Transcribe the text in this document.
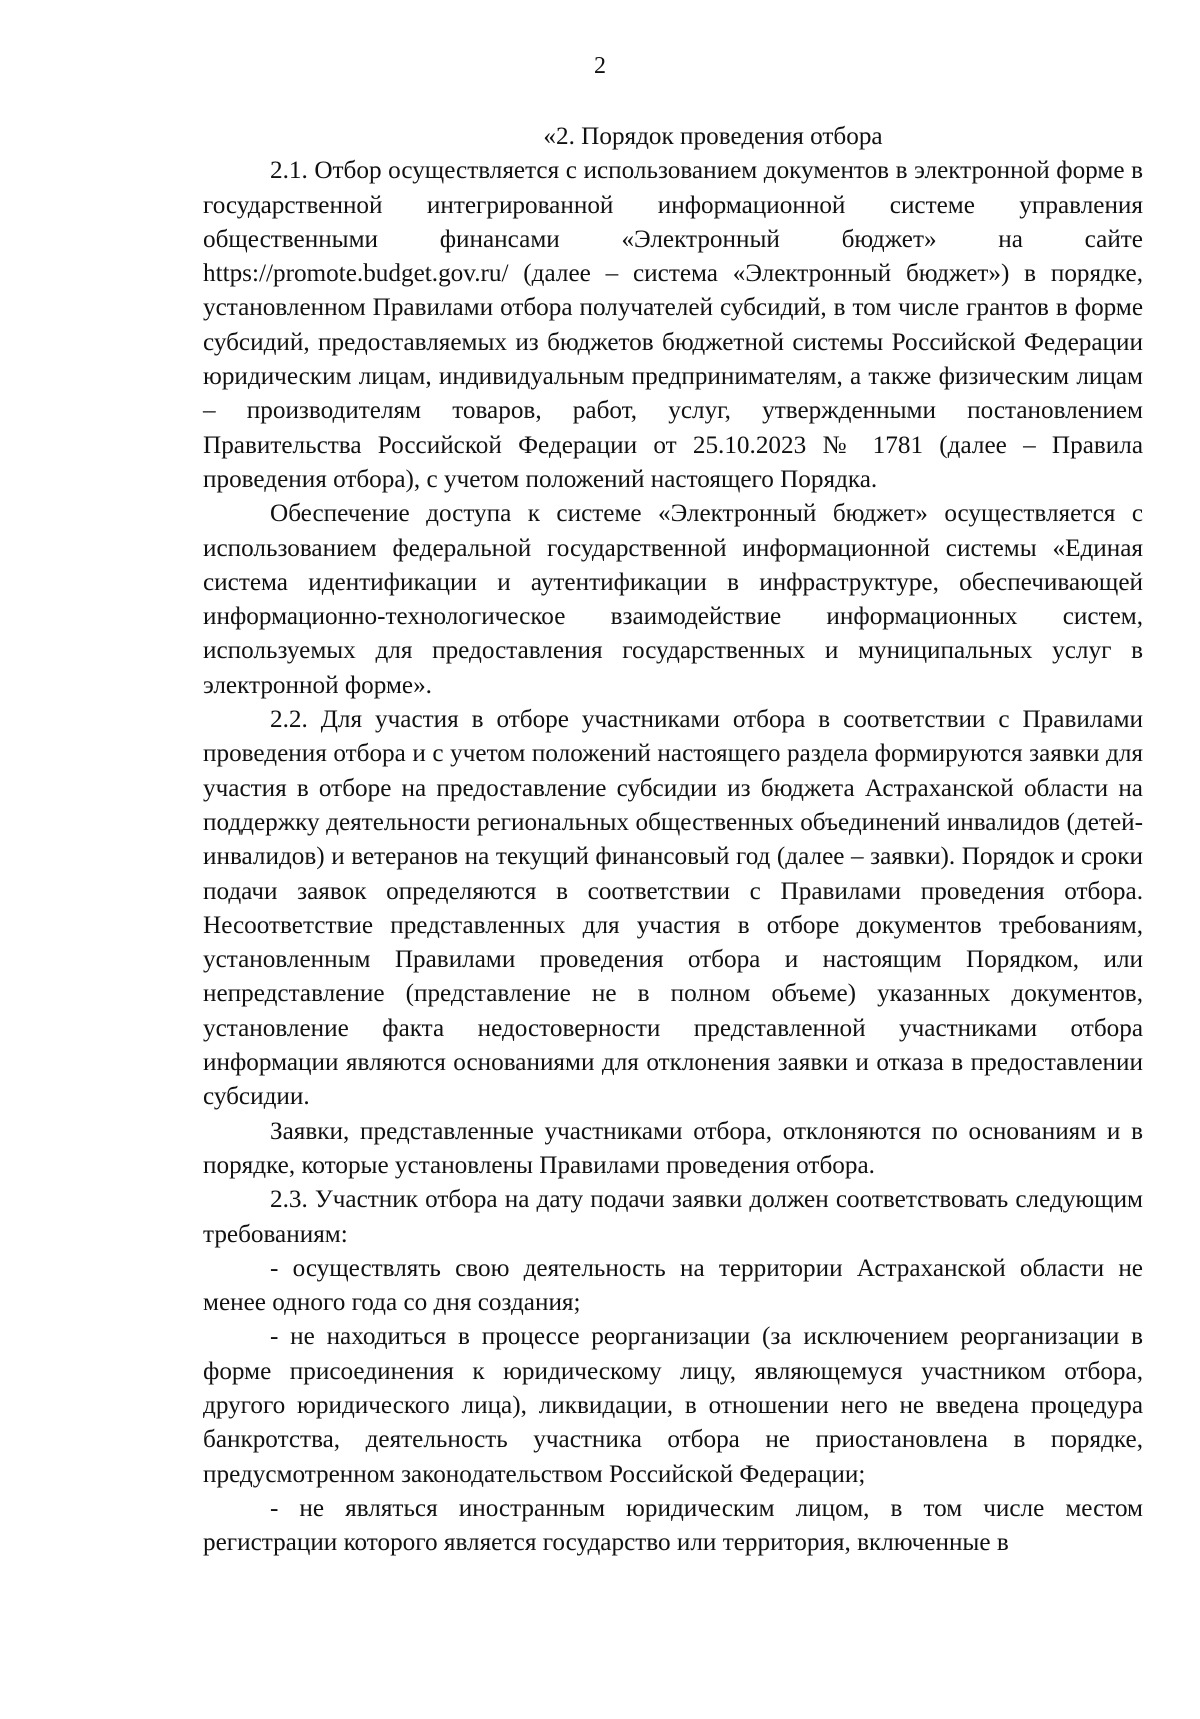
2

«2. Порядок проведения отбора

2.1. Отбор осуществляется с использованием документов в электронной форме в государственной интегрированной информационной системе управления общественными финансами «Электронный бюджет» на сайте https://promote.budget.gov.ru/ (далее – система «Электронный бюджет») в порядке, установленном Правилами отбора получателей субсидий, в том числе грантов в форме субсидий, предоставляемых из бюджетов бюджетной системы Российской Федерации юридическим лицам, индивидуальным предпринимателям, а также физическим лицам – производителям товаров, работ, услуг, утвержденными постановлением Правительства Российской Федерации от 25.10.2023 № 1781 (далее – Правила проведения отбора), с учетом положений настоящего Порядка.

Обеспечение доступа к системе «Электронный бюджет» осуществляется с использованием федеральной государственной информационной системы «Единая система идентификации и аутентификации в инфраструктуре, обеспечивающей информационно-технологическое взаимодействие информационных систем, используемых для предоставления государственных и муниципальных услуг в электронной форме».

2.2. Для участия в отборе участниками отбора в соответствии с Правилами проведения отбора и с учетом положений настоящего раздела формируются заявки для участия в отборе на предоставление субсидии из бюджета Астраханской области на поддержку деятельности региональных общественных объединений инвалидов (детей-инвалидов) и ветеранов на текущий финансовый год (далее – заявки). Порядок и сроки подачи заявок определяются в соответствии с Правилами проведения отбора. Несоответствие представленных для участия в отборе документов требованиям, установленным Правилами проведения отбора и настоящим Порядком, или непредставление (представление не в полном объеме) указанных документов, установление факта недостоверности представленной участниками отбора информации являются основаниями для отклонения заявки и отказа в предоставлении субсидии.

Заявки, представленные участниками отбора, отклоняются по основаниям и в порядке, которые установлены Правилами проведения отбора.

2.3. Участник отбора на дату подачи заявки должен соответствовать следующим требованиям:

- осуществлять свою деятельность на территории Астраханской области не менее одного года со дня создания;

- не находиться в процессе реорганизации (за исключением реорганизации в форме присоединения к юридическому лицу, являющемуся участником отбора, другого юридического лица), ликвидации, в отношении него не введена процедура банкротства, деятельность участника отбора не приостановлена в порядке, предусмотренном законодательством Российской Федерации;

- не являться иностранным юридическим лицом, в том числе местом регистрации которого является государство или территория, включенные в
